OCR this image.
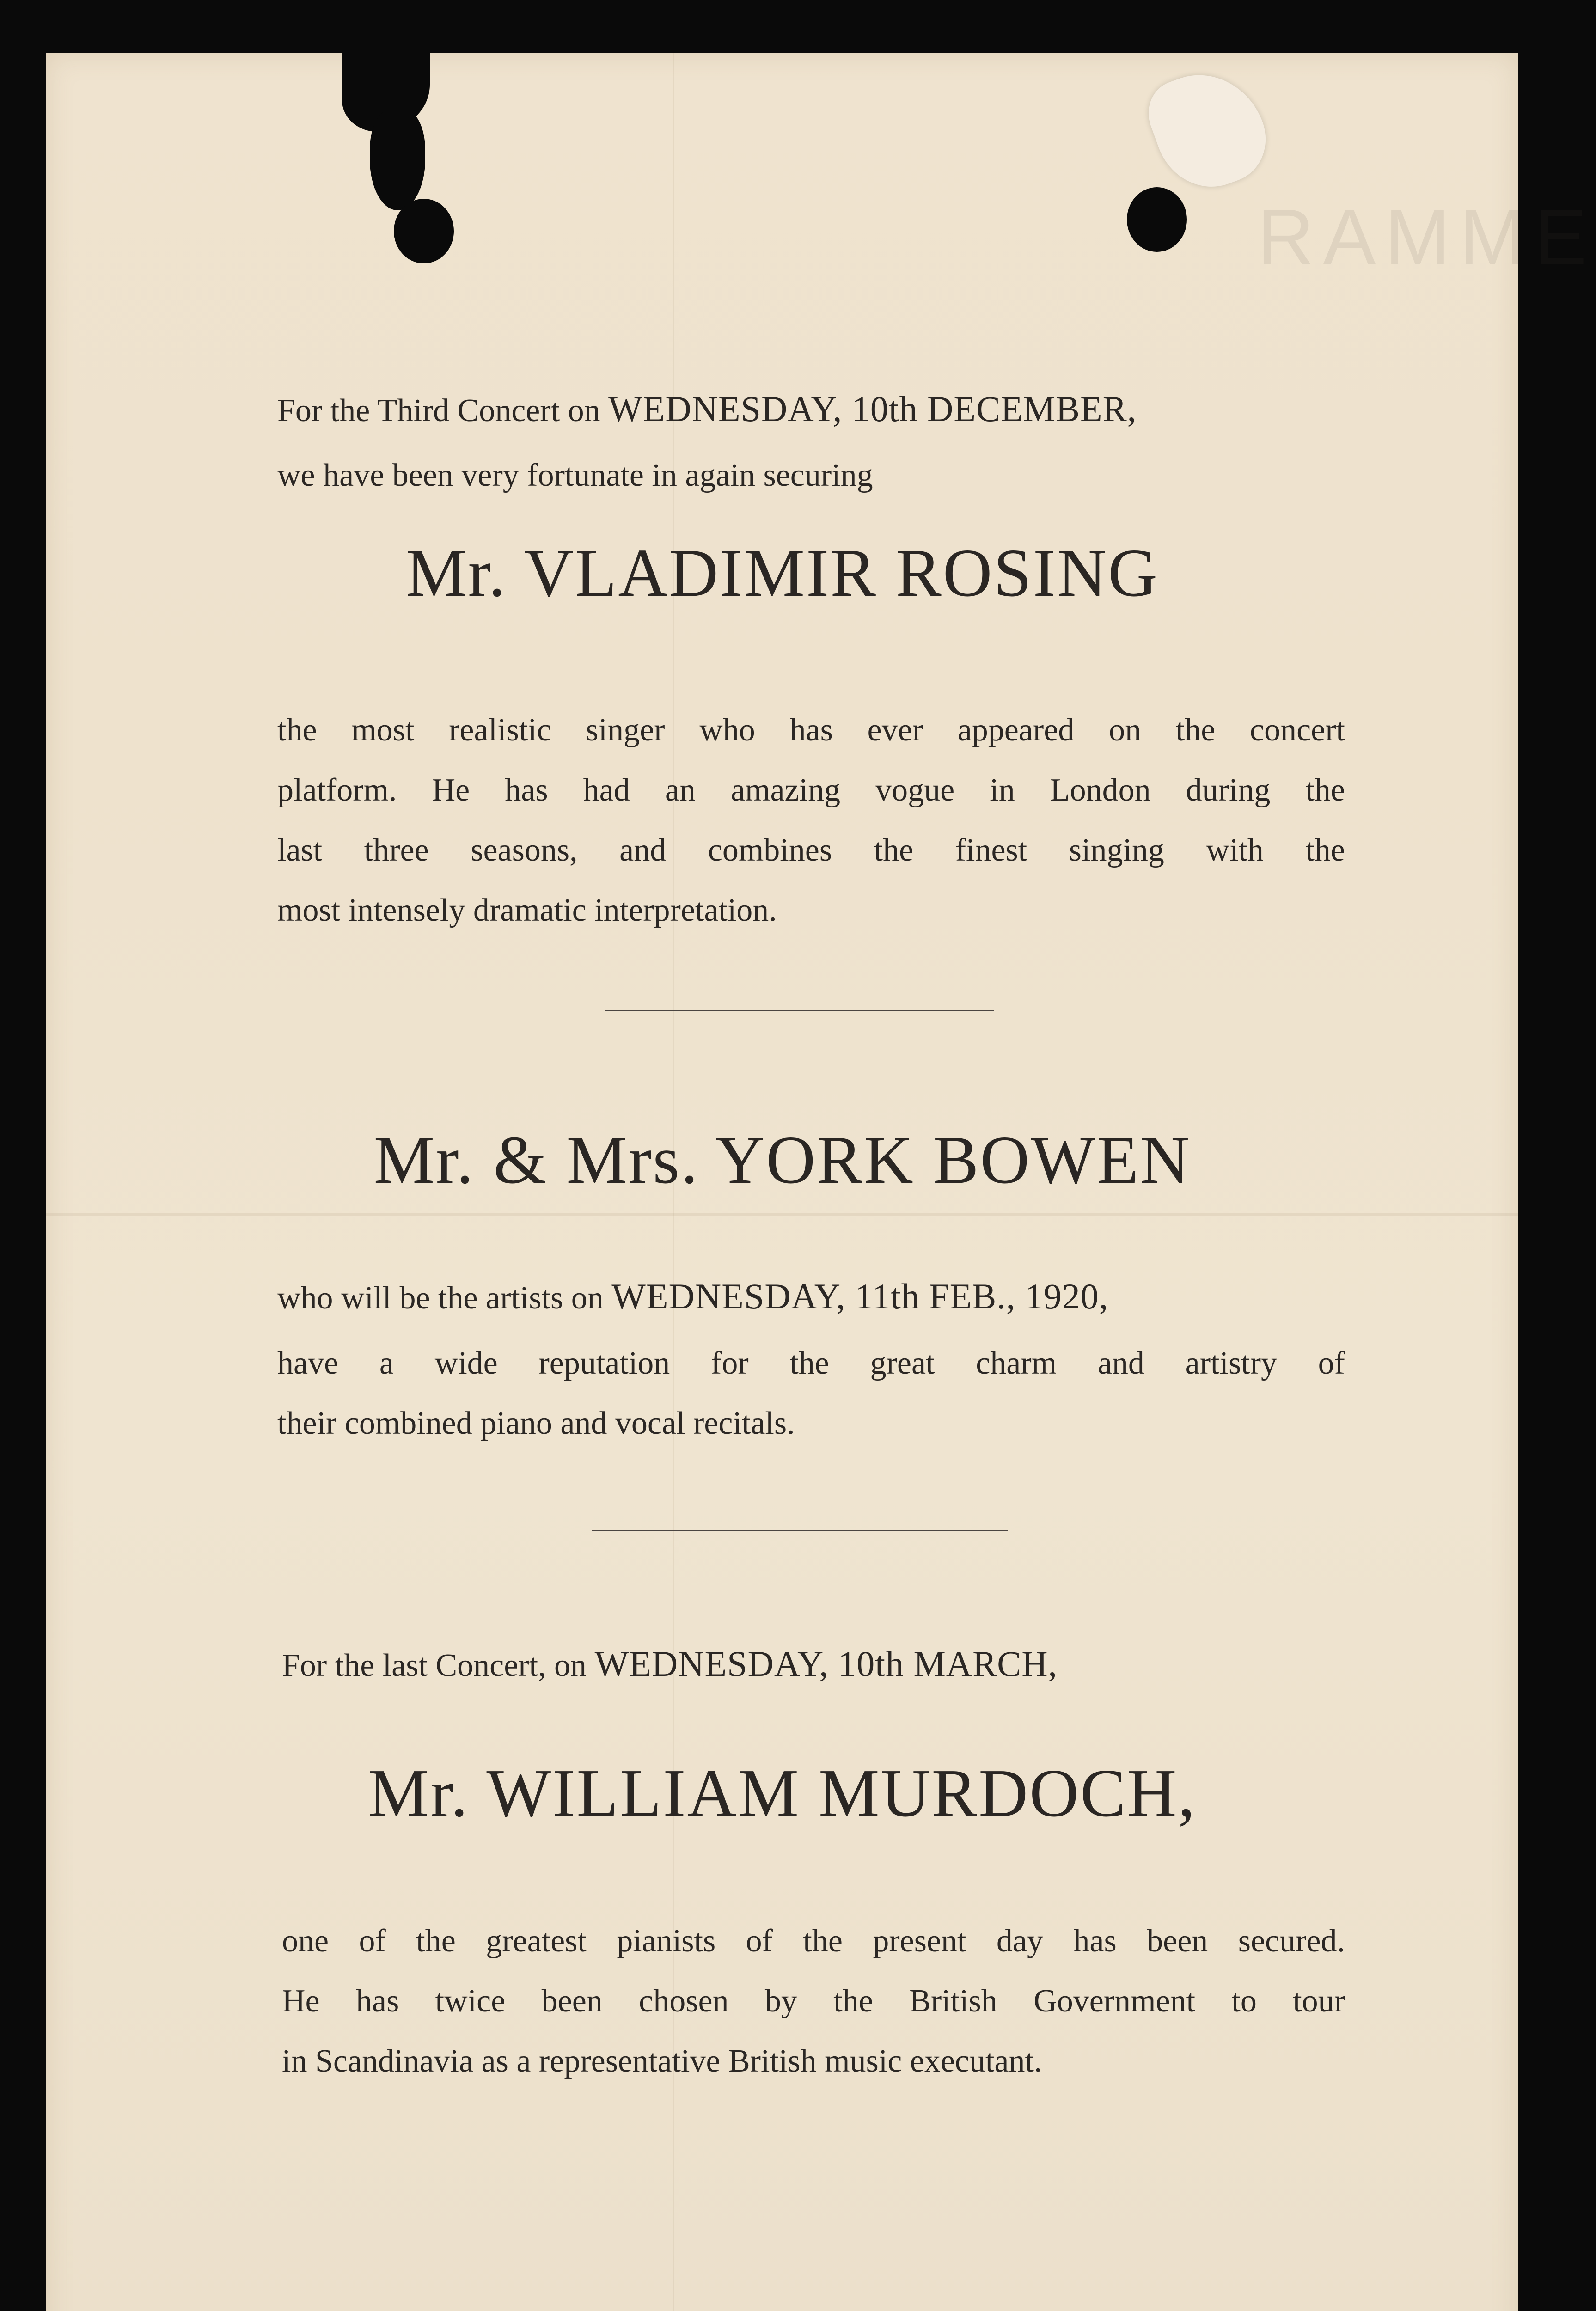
RAMME

For the Third Concert on WEDNESDAY, 10th DECEMBER,

we have been very fortunate in again securing

Mr. VLADIMIR ROSING

the most realistic singer who has ever appeared on the concert
platform. He has had an amazing vogue in London during the
last three seasons, and combines the finest singing with the
most intensely dramatic interpretation.

Mr. & Mrs. YORK BOWEN

who will be the artists on WEDNESDAY, 11th FEB., 1920,

have a wide reputation for the great charm and artistry of
their combined piano and vocal recitals.

For the last Concert, on WEDNESDAY, 10th MARCH,

Mr. WILLIAM MURDOCH,

one of the greatest pianists of the present day has been secured.
He has twice been chosen by the British Government to tour
in Scandinavia as a representative British music executant.
